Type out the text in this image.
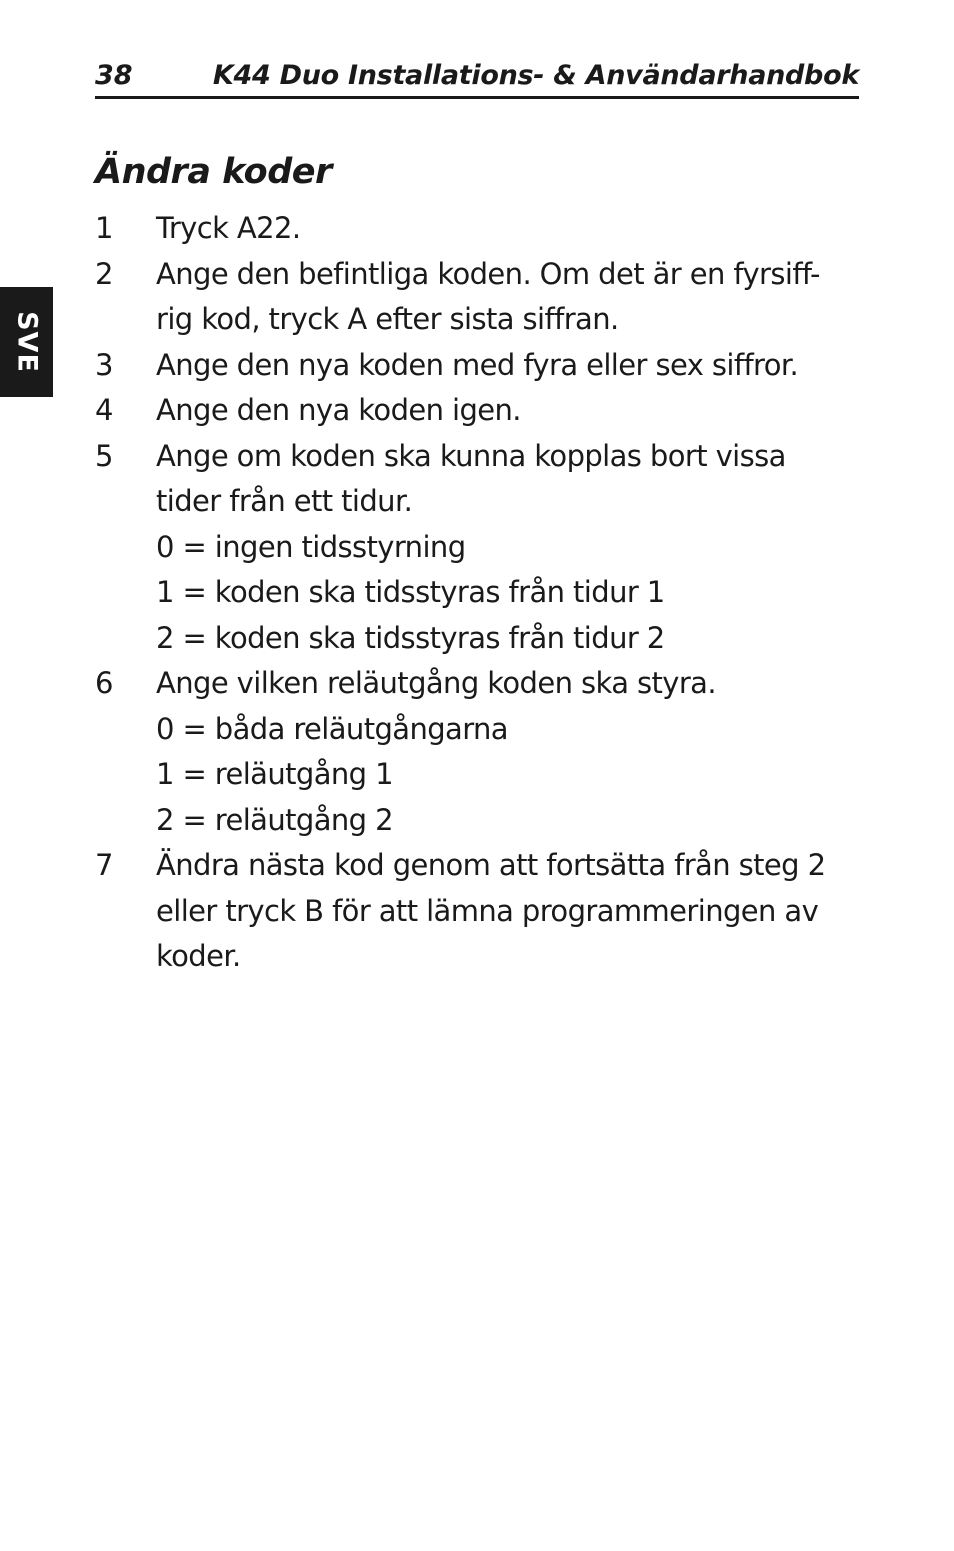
38	K44 Duo Installations- & Användarhandbok
SVE
Ändra koder
1 Tryck A22.
2 Ange den befintliga koden. Om det är en fyrsiff-
rig kod, tryck A efter sista siffran.
3 Ange den nya koden med fyra eller sex siffror.
4 Ange den nya koden igen.
5 Ange om koden ska kunna kopplas bort vissa
tider från ett tidur.
0 = ingen tidsstyrning
1 = koden ska tidsstyras från tidur 1
2 = koden ska tidsstyras från tidur 2
6 Ange vilken reläutgång koden ska styra.
0 = båda reläutgångarna
1 = reläutgång 1
2 = reläutgång 2
7 Ändra nästa kod genom att fortsätta från steg 2
eller tryck B för att lämna programmeringen av
koder.
